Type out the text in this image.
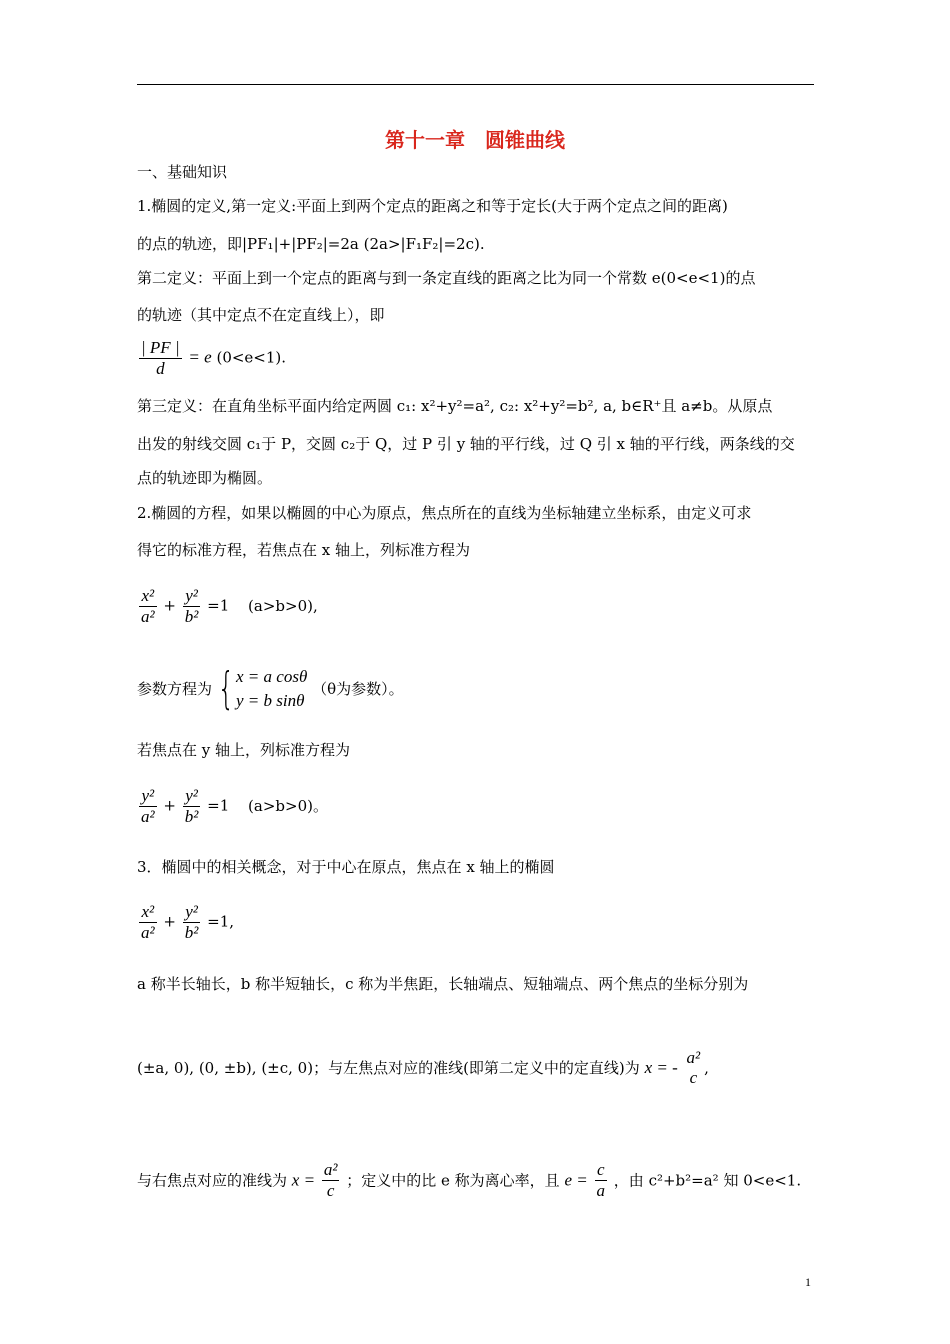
第十一章　圆锥曲线
一、基础知识
1.椭圆的定义,第一定义:平面上到两个定点的距离之和等于定长(大于两个定点之间的距离)
的点的轨迹，即|PF₁|+|PF₂|=2a (2a>|F₁F₂|=2c).
第二定义：平面上到一个定点的距离与到一条定直线的距离之比为同一个常数 e(0<e<1)的点
的轨迹（其中定点不在定直线上），即
$\frac{| PF |}{d} = e$ (0<e<1).
第三定义：在直角坐标平面内给定两圆 c₁: x²+y²=a², c₂: x²+y²=b², a, b∈R⁺且 a≠b。从原点
出发的射线交圆 c₁于 P，交圆 c₂于 Q，过 P 引 y 轴的平行线，过 Q 引 x 轴的平行线，两条线的交
点的轨迹即为椭圆。
2.椭圆的方程，如果以椭圆的中心为原点，焦点所在的直线为坐标轴建立坐标系，由定义可求
得它的标准方程，若焦点在 x 轴上，列标准方程为
$\frac{\text{x²}}{\text{a²}} + \frac{\text{y²}}{\text{b²}} =1$ (a>b>0),
参数方程为 { x = a cosθ
y = b sinθ
（θ为参数）。
若焦点在 y 轴上，列标准方程为
$\frac{\text{y²}}{\text{a²}} + \frac{\text{y²}}{\text{b²}} =1$ (a>b>0)。
3．椭圆中的相关概念，对于中心在原点，焦点在 x 轴上的椭圆
$\frac{\text{x²}}{\text{a²}} + \frac{\text{y²}}{\text{b²}} =1$,
a 称半长轴长，b 称半短轴长，c 称为半焦距，长轴端点、短轴端点、两个焦点的坐标分别为
(±a, 0), (0, ±b), (±c, 0)；与左焦点对应的准线(即第二定义中的定直线)为 x = -
a²
c ,
与右焦点对应的准线为 $x = \frac{\text{a²}}{c}$ ；定义中的比 e 称为离心率，且 $e = \frac{c}{a}$ ，由 c²+b²=a² 知 0<e<1.
1
